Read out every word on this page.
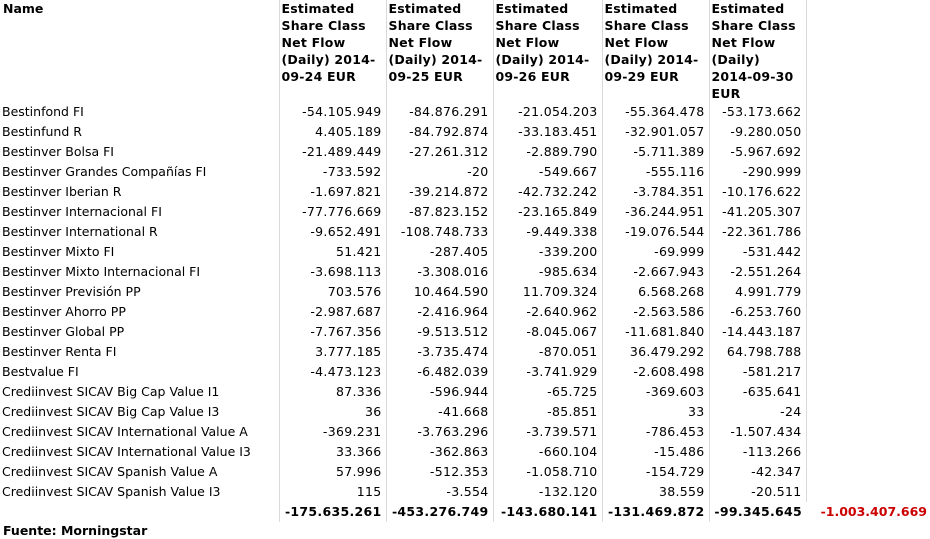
Name	Estimated Share Class Net Flow (Daily) 2014-09-24 EUR	Estimated Share Class Net Flow (Daily) 2014-09-25 EUR	Estimated Share Class Net Flow (Daily) 2014-09-26 EUR	Estimated Share Class Net Flow (Daily) 2014-09-29 EUR	Estimated Share Class Net Flow (Daily) 2014-09-30 EUR	
Bestinfond FI	-54.105.949	-84.876.291	-21.054.203	-55.364.478	-53.173.662	
Bestinfund R	4.405.189	-84.792.874	-33.183.451	-32.901.057	-9.280.050	
Bestinver Bolsa FI	-21.489.449	-27.261.312	-2.889.790	-5.711.389	-5.967.692	
Bestinver Grandes Compañías FI	-733.592	-20	-549.667	-555.116	-290.999	
Bestinver Iberian R	-1.697.821	-39.214.872	-42.732.242	-3.784.351	-10.176.622	
Bestinver Internacional FI	-77.776.669	-87.823.152	-23.165.849	-36.244.951	-41.205.307	
Bestinver International R	-9.652.491	-108.748.733	-9.449.338	-19.076.544	-22.361.786	
Bestinver Mixto FI	51.421	-287.405	-339.200	-69.999	-531.442	
Bestinver Mixto Internacional FI	-3.698.113	-3.308.016	-985.634	-2.667.943	-2.551.264	
Bestinver Previsión PP	703.576	10.464.590	11.709.324	6.568.268	4.991.779	
Bestinver Ahorro PP	-2.987.687	-2.416.964	-2.640.962	-2.563.586	-6.253.760	
Bestinver Global PP	-7.767.356	-9.513.512	-8.045.067	-11.681.840	-14.443.187	
Bestinver Renta FI	3.777.185	-3.735.474	-870.051	36.479.292	64.798.788	
Bestvalue FI	-4.473.123	-6.482.039	-3.741.929	-2.608.498	-581.217	
Crediinvest SICAV Big Cap Value I1	87.336	-596.944	-65.725	-369.603	-635.641	
Crediinvest SICAV Big Cap Value I3	36	-41.668	-85.851	33	-24	
Crediinvest SICAV International Value A	-369.231	-3.763.296	-3.739.571	-786.453	-1.507.434	
Crediinvest SICAV International Value I3	33.366	-362.863	-660.104	-15.486	-113.266	
Crediinvest SICAV Spanish Value A	57.996	-512.353	-1.058.710	-154.729	-42.347	
Crediinvest SICAV Spanish Value I3	115	-3.554	-132.120	38.559	-20.511	
	-175.635.261	-453.276.749	-143.680.141	-131.469.872	-99.345.645	-1.003.407.669
Fuente: Morningstar						
